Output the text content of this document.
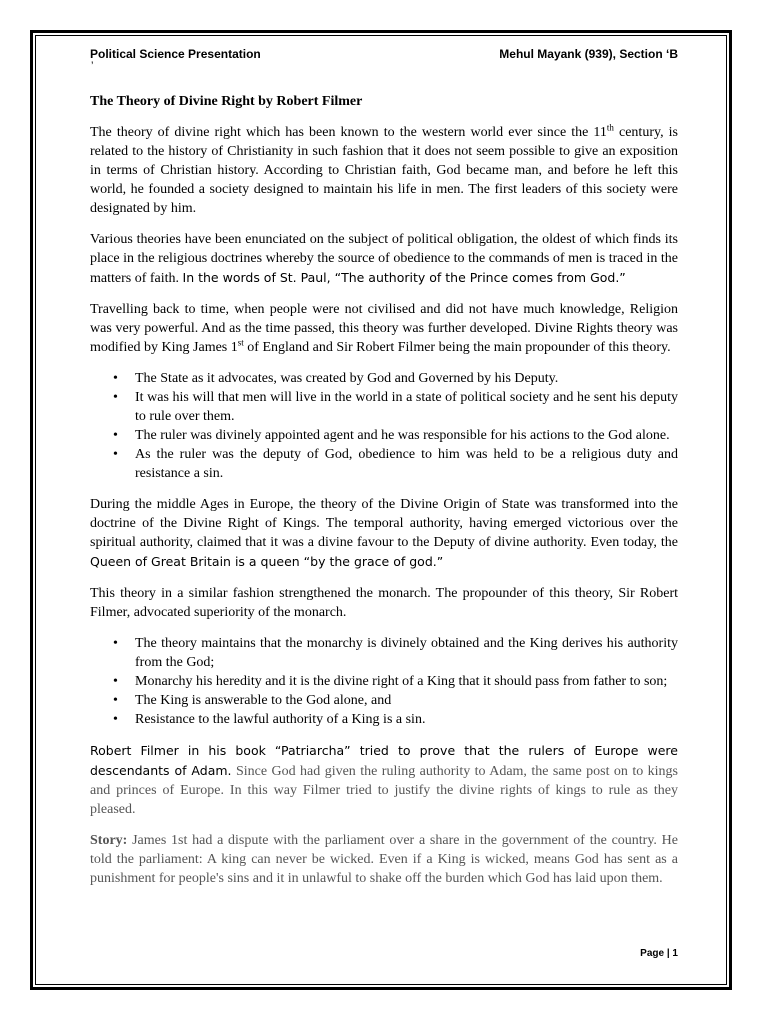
Political Science Presentation
’
Mehul Mayank (939), Section ‘B
The Theory of Divine Right by Robert Filmer

The theory of divine right which has been known to the western world ever since the 11th century, is related to the history of Christianity in such fashion that it does not seem possible to give an exposition in terms of Christian history. According to Christian faith, God became man, and before he left this world, he founded a society designed to maintain his life in men. The first leaders of this society were designated by him.

Various theories have been enunciated on the subject of political obligation, the oldest of which finds its place in the religious doctrines whereby the source of obedience to the commands of men is traced in the matters of faith. In the words of St. Paul, “The authority of the Prince comes from God.”

Travelling back to time, when people were not civilised and did not have much knowledge, Religion was very powerful. And as the time passed, this theory was further developed. Divine Rights theory was modified by King James 1st of England and Sir Robert Filmer being the main propounder of this theory.

• The State as it advocates, was created by God and Governed by his Deputy.
• It was his will that men will live in the world in a state of political society and he sent his deputy to rule over them.
• The ruler was divinely appointed agent and he was responsible for his actions to the God alone.
• As the ruler was the deputy of God, obedience to him was held to be a religious duty and resistance a sin.

During the middle Ages in Europe, the theory of the Divine Origin of State was transformed into the doctrine of the Divine Right of Kings. The temporal authority, having emerged victorious over the spiritual authority, claimed that it was a divine favour to the Deputy of divine authority. Even today, the Queen of Great Britain is a queen “by the grace of god.”

This theory in a similar fashion strengthened the monarch. The propounder of this theory, Sir Robert Filmer, advocated superiority of the monarch.

• The theory maintains that the monarchy is divinely obtained and the King derives his authority from the God;
• Monarchy his heredity and it is the divine right of a King that it should pass from father to son;
• The King is answerable to the God alone, and
• Resistance to the lawful authority of a King is a sin.

Robert Filmer in his book “Patriarcha” tried to prove that the rulers of Europe were descendants of Adam. Since God had given the ruling authority to Adam, the same post on to kings and princes of Europe. In this way Filmer tried to justify the divine rights of kings to rule as they pleased.

Story: James 1st had a dispute with the parliament over a share in the government of the country. He told the parliament: A king can never be wicked. Even if a King is wicked, means God has sent as a punishment for people's sins and it in unlawful to shake off the burden which God has laid upon them.

Page | 1
